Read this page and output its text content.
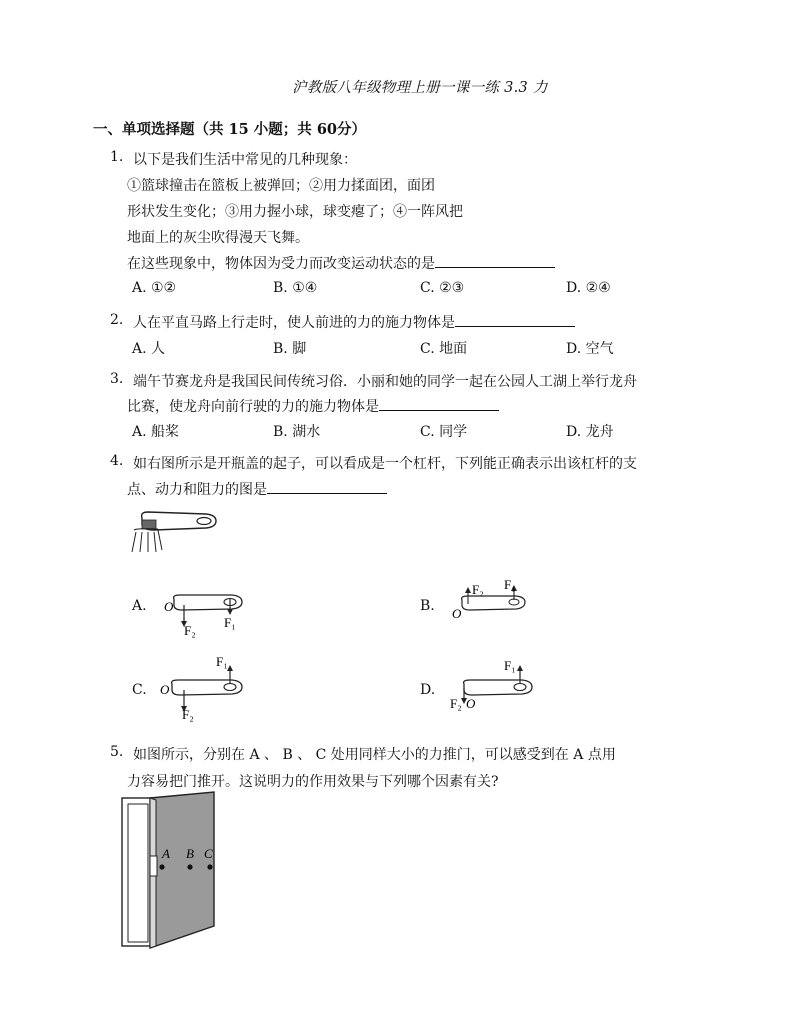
沪教版八年级物理上册一课一练 3.3 力
一、单项选择题（共 15 小题；共 60分）
1. 以下是我们生活中常见的几种现象：
①篮球撞击在篮板上被弹回；②用力揉面团，面团
形状发生变化；③用力握小球，球变瘪了；④一阵风把
地面上的灰尘吹得漫天飞舞。
在这些现象中，物体因为受力而改变运动状态的是
A. ①②	B. ①④	C. ②③	D. ②④
2. 人在平直马路上行走时，使人前进的力的施力物体是
A. 人	B. 脚	C. 地面	D. 空气
3. 端午节赛龙舟是我国民间传统习俗．小丽和她的同学一起在公园人工湖上举行龙舟
比赛，使龙舟向前行驶的力的施力物体是
A. 船桨	B. 湖水	C. 同学	D. 龙舟
4. 如右图所示是开瓶盖的起子，可以看成是一个杠杆，下列能正确表示出该杠杆的支
点、动力和阻力的图是
A. O
F₂
F₁
B. O
F₂ F₁
C. O
F₂
F₁
D.
F₂ O
F₁
5. 如图所示，分别在 A 、 B 、 C 处用同样大小的力推门，可以感受到在 A 点用
力容易把门推开。这说明力的作用效果与下列哪个因素有关?
A B C
